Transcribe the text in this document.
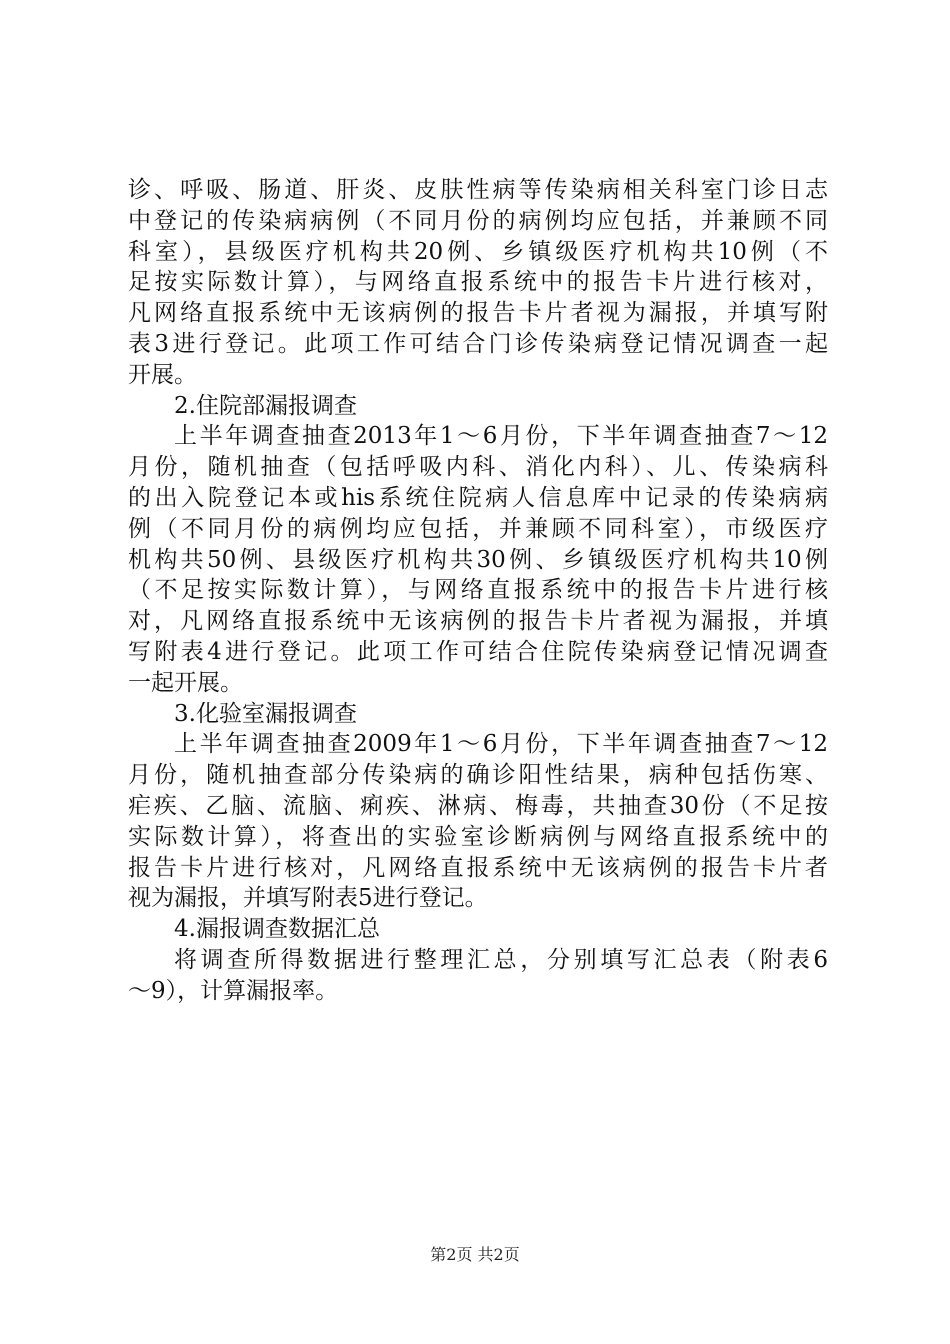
诊、呼吸、肠道、肝炎、皮肤性病等传染病相关科室门诊日志
中登记的传染病病例（不同月份的病例均应包括，并兼顾不同
科室），县级医疗机构共20例、乡镇级医疗机构共10例（不
足按实际数计算），与网络直报系统中的报告卡片进行核对，
凡网络直报系统中无该病例的报告卡片者视为漏报，并填写附
表3进行登记。此项工作可结合门诊传染病登记情况调查一起
开展。
2.住院部漏报调查
上半年调查抽查2013年1～6月份，下半年调查抽查7～12
月份，随机抽查（包括呼吸内科、消化内科）、儿、传染病科
的出入院登记本或his系统住院病人信息库中记录的传染病病
例（不同月份的病例均应包括，并兼顾不同科室），市级医疗
机构共50例、县级医疗机构共30例、乡镇级医疗机构共10例
（不足按实际数计算），与网络直报系统中的报告卡片进行核
对，凡网络直报系统中无该病例的报告卡片者视为漏报，并填
写附表4进行登记。此项工作可结合住院传染病登记情况调查
一起开展。
3.化验室漏报调查
上半年调查抽查2009年1～6月份，下半年调查抽查7～12
月份，随机抽查部分传染病的确诊阳性结果，病种包括伤寒、
疟疾、乙脑、流脑、痢疾、淋病、梅毒，共抽查30份（不足按
实际数计算），将查出的实验室诊断病例与网络直报系统中的
报告卡片进行核对，凡网络直报系统中无该病例的报告卡片者
视为漏报，并填写附表5进行登记。
4.漏报调查数据汇总
将调查所得数据进行整理汇总，分别填写汇总表（附表6
～9），计算漏报率。
第2页 共2页
